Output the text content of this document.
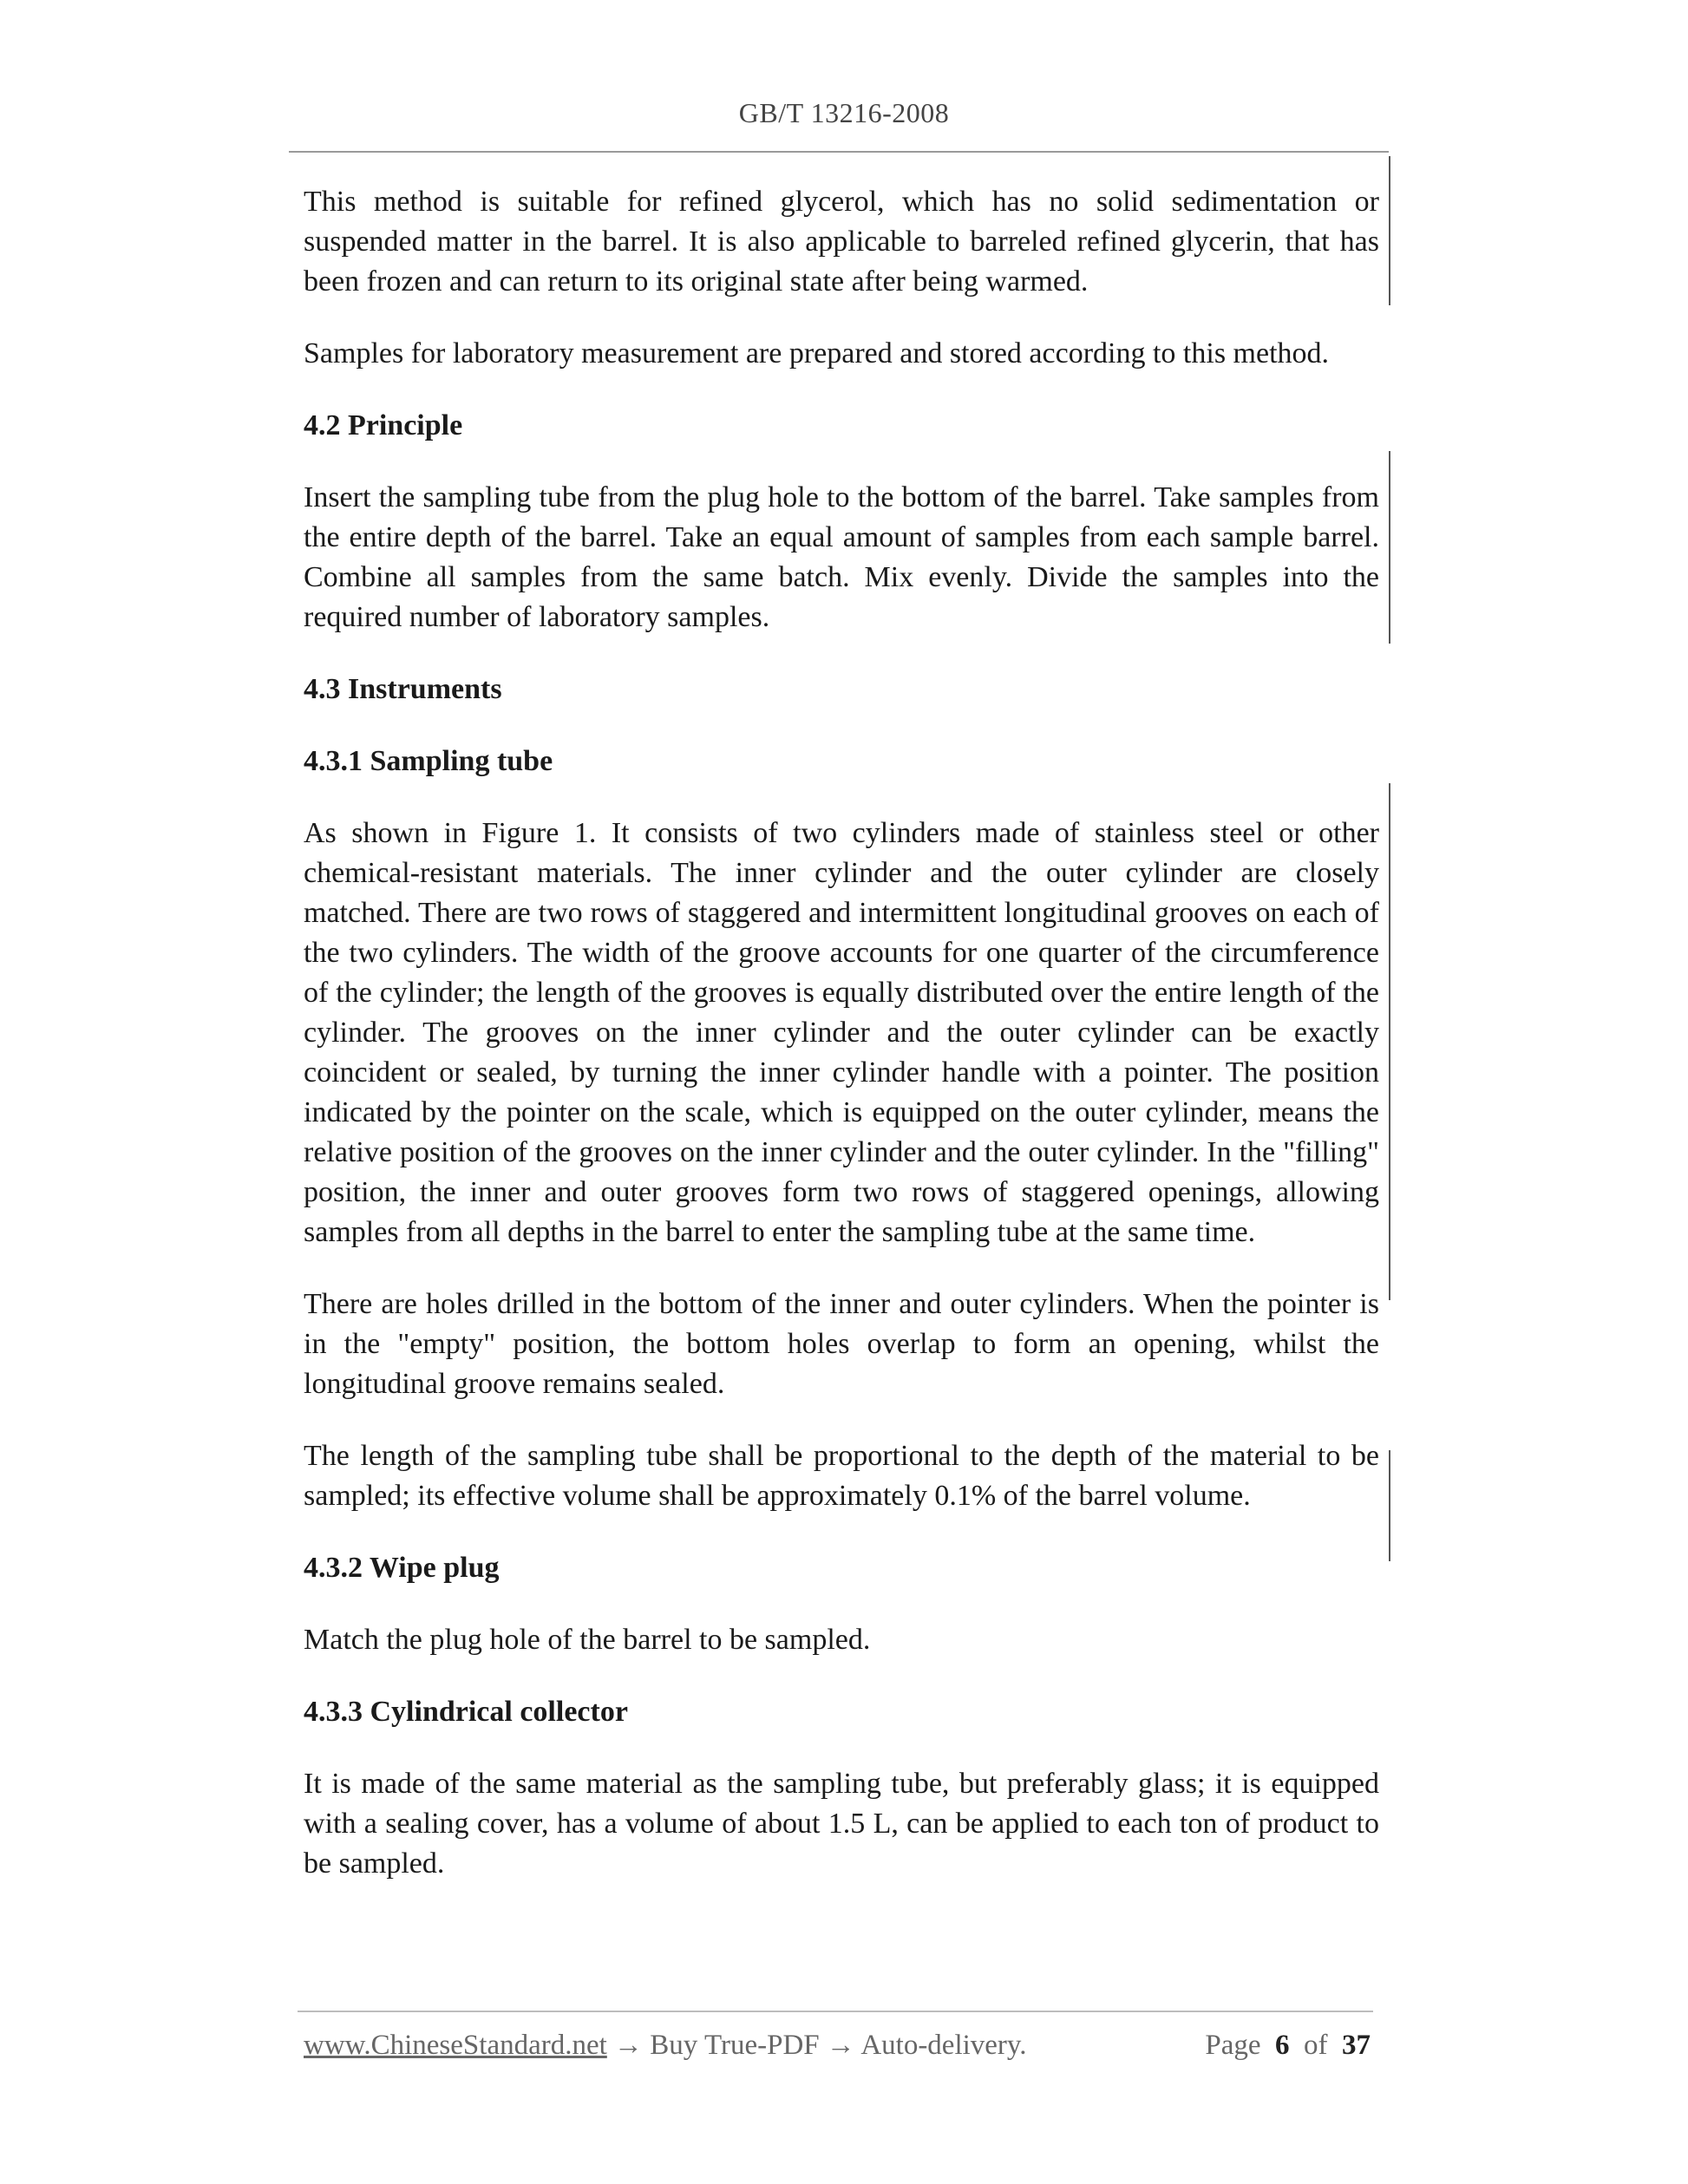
GB/T 13216-2008

This method is suitable for refined glycerol, which has no solid sedimentation or suspended matter in the barrel. It is also applicable to barreled refined glycerin, that has been frozen and can return to its original state after being warmed.

Samples for laboratory measurement are prepared and stored according to this method.

4.2 Principle

Insert the sampling tube from the plug hole to the bottom of the barrel. Take samples from the entire depth of the barrel. Take an equal amount of samples from each sample barrel. Combine all samples from the same batch. Mix evenly. Divide the samples into the required number of laboratory samples.

4.3 Instruments
4.3.1 Sampling tube

As shown in Figure 1. It consists of two cylinders made of stainless steel or other chemical-resistant materials. The inner cylinder and the outer cylinder are closely matched. There are two rows of staggered and intermittent longitudinal grooves on each of the two cylinders. The width of the groove accounts for one quarter of the circumference of the cylinder; the length of the grooves is equally distributed over the entire length of the cylinder. The grooves on the inner cylinder and the outer cylinder can be exactly coincident or sealed, by turning the inner cylinder handle with a pointer. The position indicated by the pointer on the scale, which is equipped on the outer cylinder, means the relative position of the grooves on the inner cylinder and the outer cylinder. In the "filling" position, the inner and outer grooves form two rows of staggered openings, allowing samples from all depths in the barrel to enter the sampling tube at the same time.

There are holes drilled in the bottom of the inner and outer cylinders. When the pointer is in the "empty" position, the bottom holes overlap to form an opening, whilst the longitudinal groove remains sealed.

The length of the sampling tube shall be proportional to the depth of the material to be sampled; its effective volume shall be approximately 0.1% of the barrel volume.

4.3.2 Wipe plug

Match the plug hole of the barrel to be sampled.

4.3.3 Cylindrical collector

It is made of the same material as the sampling tube, but preferably glass; it is equipped with a sealing cover, has a volume of about 1.5 L, can be applied to each ton of product to be sampled.

www.ChineseStandard.net → Buy True-PDF → Auto-delivery.	Page 6 of 37
